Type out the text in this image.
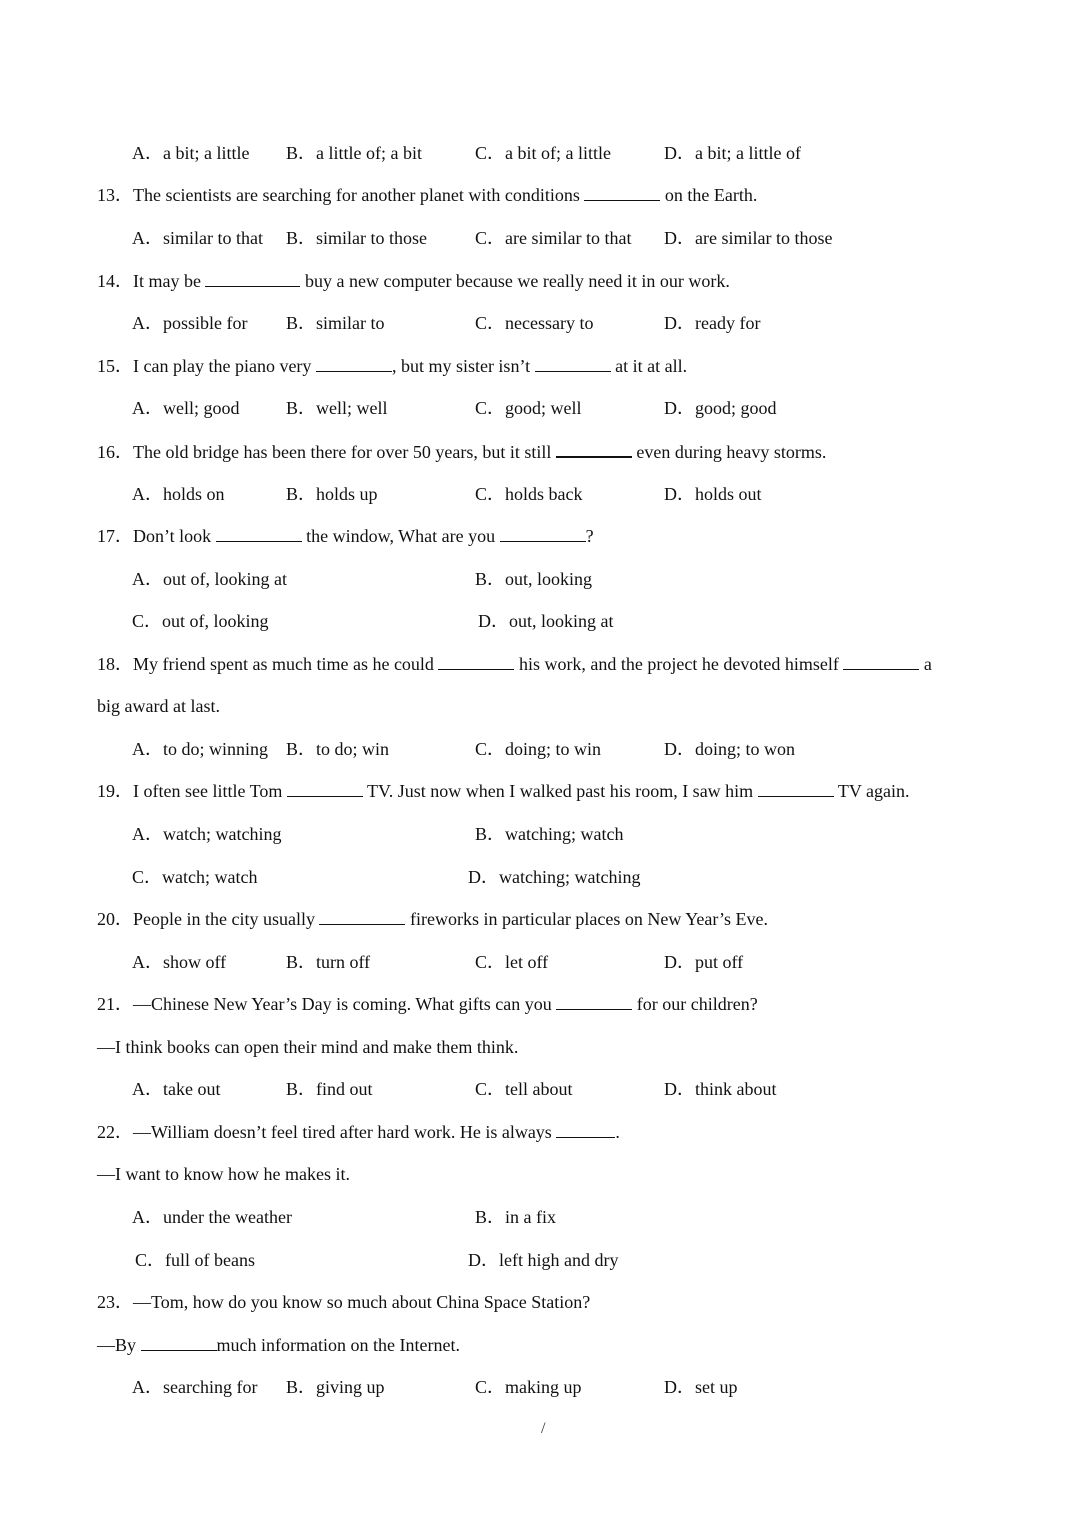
A．a bit; a little B．a little of; a bit	C．a bit of; a little	D．a bit; a little of
13．The scientists are searching for another planet with conditions	on the Earth.
A．similar to that B．similar to those	C．are similar to that D．are similar to those
14．It may be	buy a new computer because we really need it in our work.
A．possible for B．similar to	C．necessary to	D．ready for
15．I can play the piano very	, but my sister isn’t	at it at all.
A．well; good	B．well; well	C．good; well	D．good; good
16．The old bridge has been there for over 50 years, but it still	even during heavy storms.
A．holds on	B．holds up	C．holds back	D．holds out
17．Don’t look	the window, What are you	?
A．out of, looking at	B．out, looking
C．out of, looking	D．out, looking at
18．My friend spent as much time as he could	his work, and the project he devoted himself	a
big award at last.
A．to do; winning B．to do; win	C．doing; to win	D．doing; to won
19．I often see little Tom	TV. Just now when I walked past his room, I saw him	TV again.
A．watch; watching	B．watching; watch
C．watch; watch	D．watching; watching
20．People in the city usually	fireworks in particular places on New Year’s Eve.
A．show off	B．turn off	C．let off	D．put off
21．—Chinese New Year’s Day is coming. What gifts can you	for our children?
—I think books can open their mind and make them think.
A．take out	B．find out	C．tell about	D．think about
22．—William doesn’t feel tired after hard work. He is always	.
—I want to know how he makes it.
A．under the weather	B．in a fix
C．full of beans	D．left high and dry
23．—Tom, how do you know so much about China Space Station?
—By	much information on the Internet.
A．searching for B．giving up	C．making up	D．set up
/
